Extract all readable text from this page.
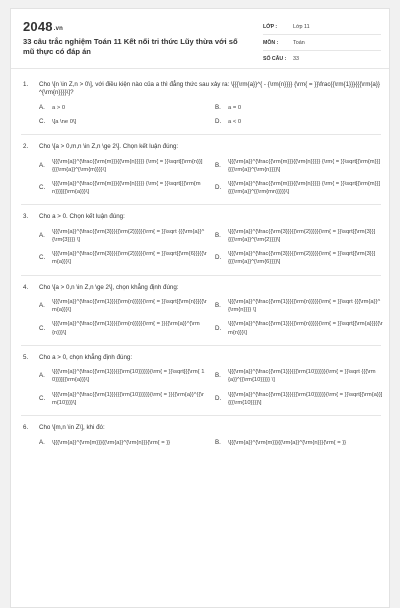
2048.vn
33 câu trắc nghiệm Toán 11 Kết nối tri thức Lũy thừa với số mũ thực có đáp án
LỚP :	Lớp 11
MÔN :	Toán
SỐ CÂU :	33
1.	Cho \[n \in Z,n > 0\], với điều kiện nào của a thì đẳng thức sau xảy ra: \[{{\rm{a}}^{ - {\rm{n}}}} {\rm{ = }}\frac{{\rm{1}}}{{{\rm{a}}^{\rm{n}}}}\]?
A.	a > 0	B.	a = 0
C.	\[a \ne 0\]	D.	a < 0
2.	Cho \[a > 0,m,n \in Z,n \ge 2\]. Chọn kết luận đúng:
A.
\[{{\rm{a}}^{\frac{{\rm{m}}}{{\rm{n}}}}} {\rm{ = }}\sqrt[{\rm{n}}] {{{\rm{a}}^{\rm{m}}}}\]
B.
\[{{\rm{a}}^{\frac{{\rm{m}}}{{\rm{n}}}}} {\rm{ = }}\sqrt[{\rm{m}}] {{{\rm{a}}^{\rm{n}}}}\]
C.
\[{{\rm{a}}^{\frac{{\rm{m}}}{{\rm{n}}}}} {\rm{ = }}\sqrt[{{\rm{mn}}}]{{\rm{a}}}\]
D.
\[{{\rm{a}}^{\frac{{\rm{m}}}{{\rm{n}}}}} {\rm{ = }}\sqrt[{\rm{m}}] {{{\rm{a}}^{{\rm{mn}}}}}\]
3.	Cho a > 0. Chọn kết luận đúng:
A.
\[{{\rm{a}}^{\frac{{\rm{3}}}{{\rm{2}}}}}{\rm{ = }}\sqrt {{{\rm{a}}^{\rm{3}}}} \]
B.
\[{{\rm{a}}^{\frac{{\rm{3}}}{{\rm{2}}}}}{\rm{ = }}\sqrt[{\rm{3}}]{{{\rm{a}}^{\rm{2}}}}\]
C.
\[{{\rm{a}}^{\frac{{\rm{3}}}{{\rm{2}}}}}{\rm{ = }}\sqrt[{\rm{6}}]{{\rm{a}}}\]
D.
\[{{\rm{a}}^{\frac{{\rm{3}}}{{\rm{2}}}}}{\rm{ = }}\sqrt[{\rm{3}}]{{{\rm{a}}^{\rm{6}}}}\]
4.	Cho \[a > 0,n \in Z,n \ge 2\], chọn khẳng định đúng:
A.
\[{{\rm{a}}^{\frac{{\rm{1}}}{{\rm{n}}}}}{\rm{ = }}\sqrt[{\rm{n}}]{{\rm{a}}}\]
B.
\[{{\rm{a}}^{\frac{{\rm{1}}}{{\rm{n}}}}}{\rm{ = }}\sqrt {{{\rm{a}}^{\rm{n}}}} \]
C.
\[{{\rm{a}}^{\frac{{\rm{1}}}{{\rm{n}}}}}{\rm{ = }}{{\rm{a}}^{\rm{n}}}\]
D.
\[{{\rm{a}}^{\frac{{\rm{1}}}{{\rm{n}}}}}{\rm{ = }}\sqrt[{\rm{a}}]{{\rm{n}}}\]
5.	Cho a > 0, chọn khẳng định đúng:
A.
\[{{\rm{a}}^{\frac{{\rm{1}}}{{{\rm{10}}}}}}{\rm{ = }}\sqrt[{{\rm{ 10}}}]{{\rm{a}}}\]
B.
\[{{\rm{a}}^{\frac{{\rm{1}}}{{{\rm{10}}}}}}{\rm{ = }}\sqrt {{{\rm{a}}^{{\rm{10}}}}} \]
C.
\[{{\rm{a}}^{\frac{{\rm{1}}}{{{\rm{10}}}}}}{\rm{ = }}{{\rm{a}}^{{\rm{10}}}}\]
D.
\[{{\rm{a}}^{\frac{{\rm{1}}}{{{\rm{10}}}}}}{\rm{ = }}\sqrt[{\rm{a}}]{{{\rm{10}}}}\]
6.	Cho \[m,n \in Z\], khi đó:
A.	\[{{\rm{a}}^{\rm{m}}}{{\rm{a}}^{\rm{n}}}{\rm{ = }}	B.	\[{{\rm{a}}^{\rm{m}}}{{\rm{a}}^{\rm{n}}}{\rm{ = }}
